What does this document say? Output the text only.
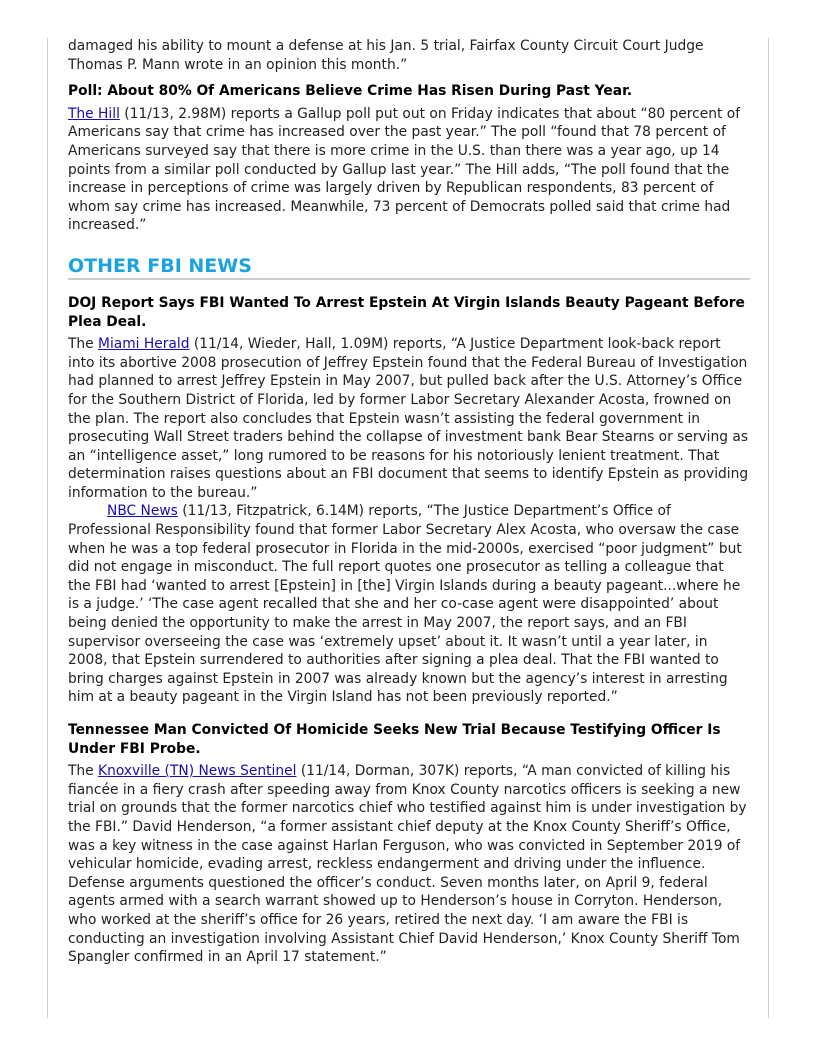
damaged his ability to mount a defense at his Jan. 5 trial, Fairfax County Circuit Court Judge Thomas P. Mann wrote in an opinion this month.”

Poll: About 80% Of Americans Believe Crime Has Risen During Past Year.

The Hill (11/13, 2.98M) reports a Gallup poll put out on Friday indicates that about “80 percent of Americans say that crime has increased over the past year.” The poll “found that 78 percent of Americans surveyed say that there is more crime in the U.S. than there was a year ago, up 14 points from a similar poll conducted by Gallup last year.” The Hill adds, “The poll found that the increase in perceptions of crime was largely driven by Republican respondents, 83 percent of whom say crime has increased. Meanwhile, 73 percent of Democrats polled said that crime had increased.”

OTHER FBI NEWS

DOJ Report Says FBI Wanted To Arrest Epstein At Virgin Islands Beauty Pageant Before Plea Deal.

The Miami Herald (11/14, Wieder, Hall, 1.09M) reports, “A Justice Department look-back report into its abortive 2008 prosecution of Jeffrey Epstein found that the Federal Bureau of Investigation had planned to arrest Jeffrey Epstein in May 2007, but pulled back after the U.S. Attorney’s Office for the Southern District of Florida, led by former Labor Secretary Alexander Acosta, frowned on the plan. The report also concludes that Epstein wasn’t assisting the federal government in prosecuting Wall Street traders behind the collapse of investment bank Bear Stearns or serving as an “intelligence asset,” long rumored to be reasons for his notoriously lenient treatment. That determination raises questions about an FBI document that seems to identify Epstein as providing information to the bureau.”

NBC News (11/13, Fitzpatrick, 6.14M) reports, “The Justice Department’s Office of Professional Responsibility found that former Labor Secretary Alex Acosta, who oversaw the case when he was a top federal prosecutor in Florida in the mid-2000s, exercised “poor judgment” but did not engage in misconduct. The full report quotes one prosecutor as telling a colleague that the FBI had ‘wanted to arrest [Epstein] in [the] Virgin Islands during a beauty pageant...where he is a judge.’ ‘The case agent recalled that she and her co-case agent were disappointed’ about being denied the opportunity to make the arrest in May 2007, the report says, and an FBI supervisor overseeing the case was ‘extremely upset’ about it. It wasn’t until a year later, in 2008, that Epstein surrendered to authorities after signing a plea deal. That the FBI wanted to bring charges against Epstein in 2007 was already known but the agency’s interest in arresting him at a beauty pageant in the Virgin Island has not been previously reported.”

Tennessee Man Convicted Of Homicide Seeks New Trial Because Testifying Officer Is Under FBI Probe.

The Knoxville (TN) News Sentinel (11/14, Dorman, 307K) reports, “A man convicted of killing his fiancée in a fiery crash after speeding away from Knox County narcotics officers is seeking a new trial on grounds that the former narcotics chief who testified against him is under investigation by the FBI.” David Henderson, “a former assistant chief deputy at the Knox County Sheriff’s Office, was a key witness in the case against Harlan Ferguson, who was convicted in September 2019 of vehicular homicide, evading arrest, reckless endangerment and driving under the influence. Defense arguments questioned the officer’s conduct. Seven months later, on April 9, federal agents armed with a search warrant showed up to Henderson’s house in Corryton. Henderson, who worked at the sheriff’s office for 26 years, retired the next day. ‘I am aware the FBI is conducting an investigation involving Assistant Chief David Henderson,’ Knox County Sheriff Tom Spangler confirmed in an April 17 statement.”
